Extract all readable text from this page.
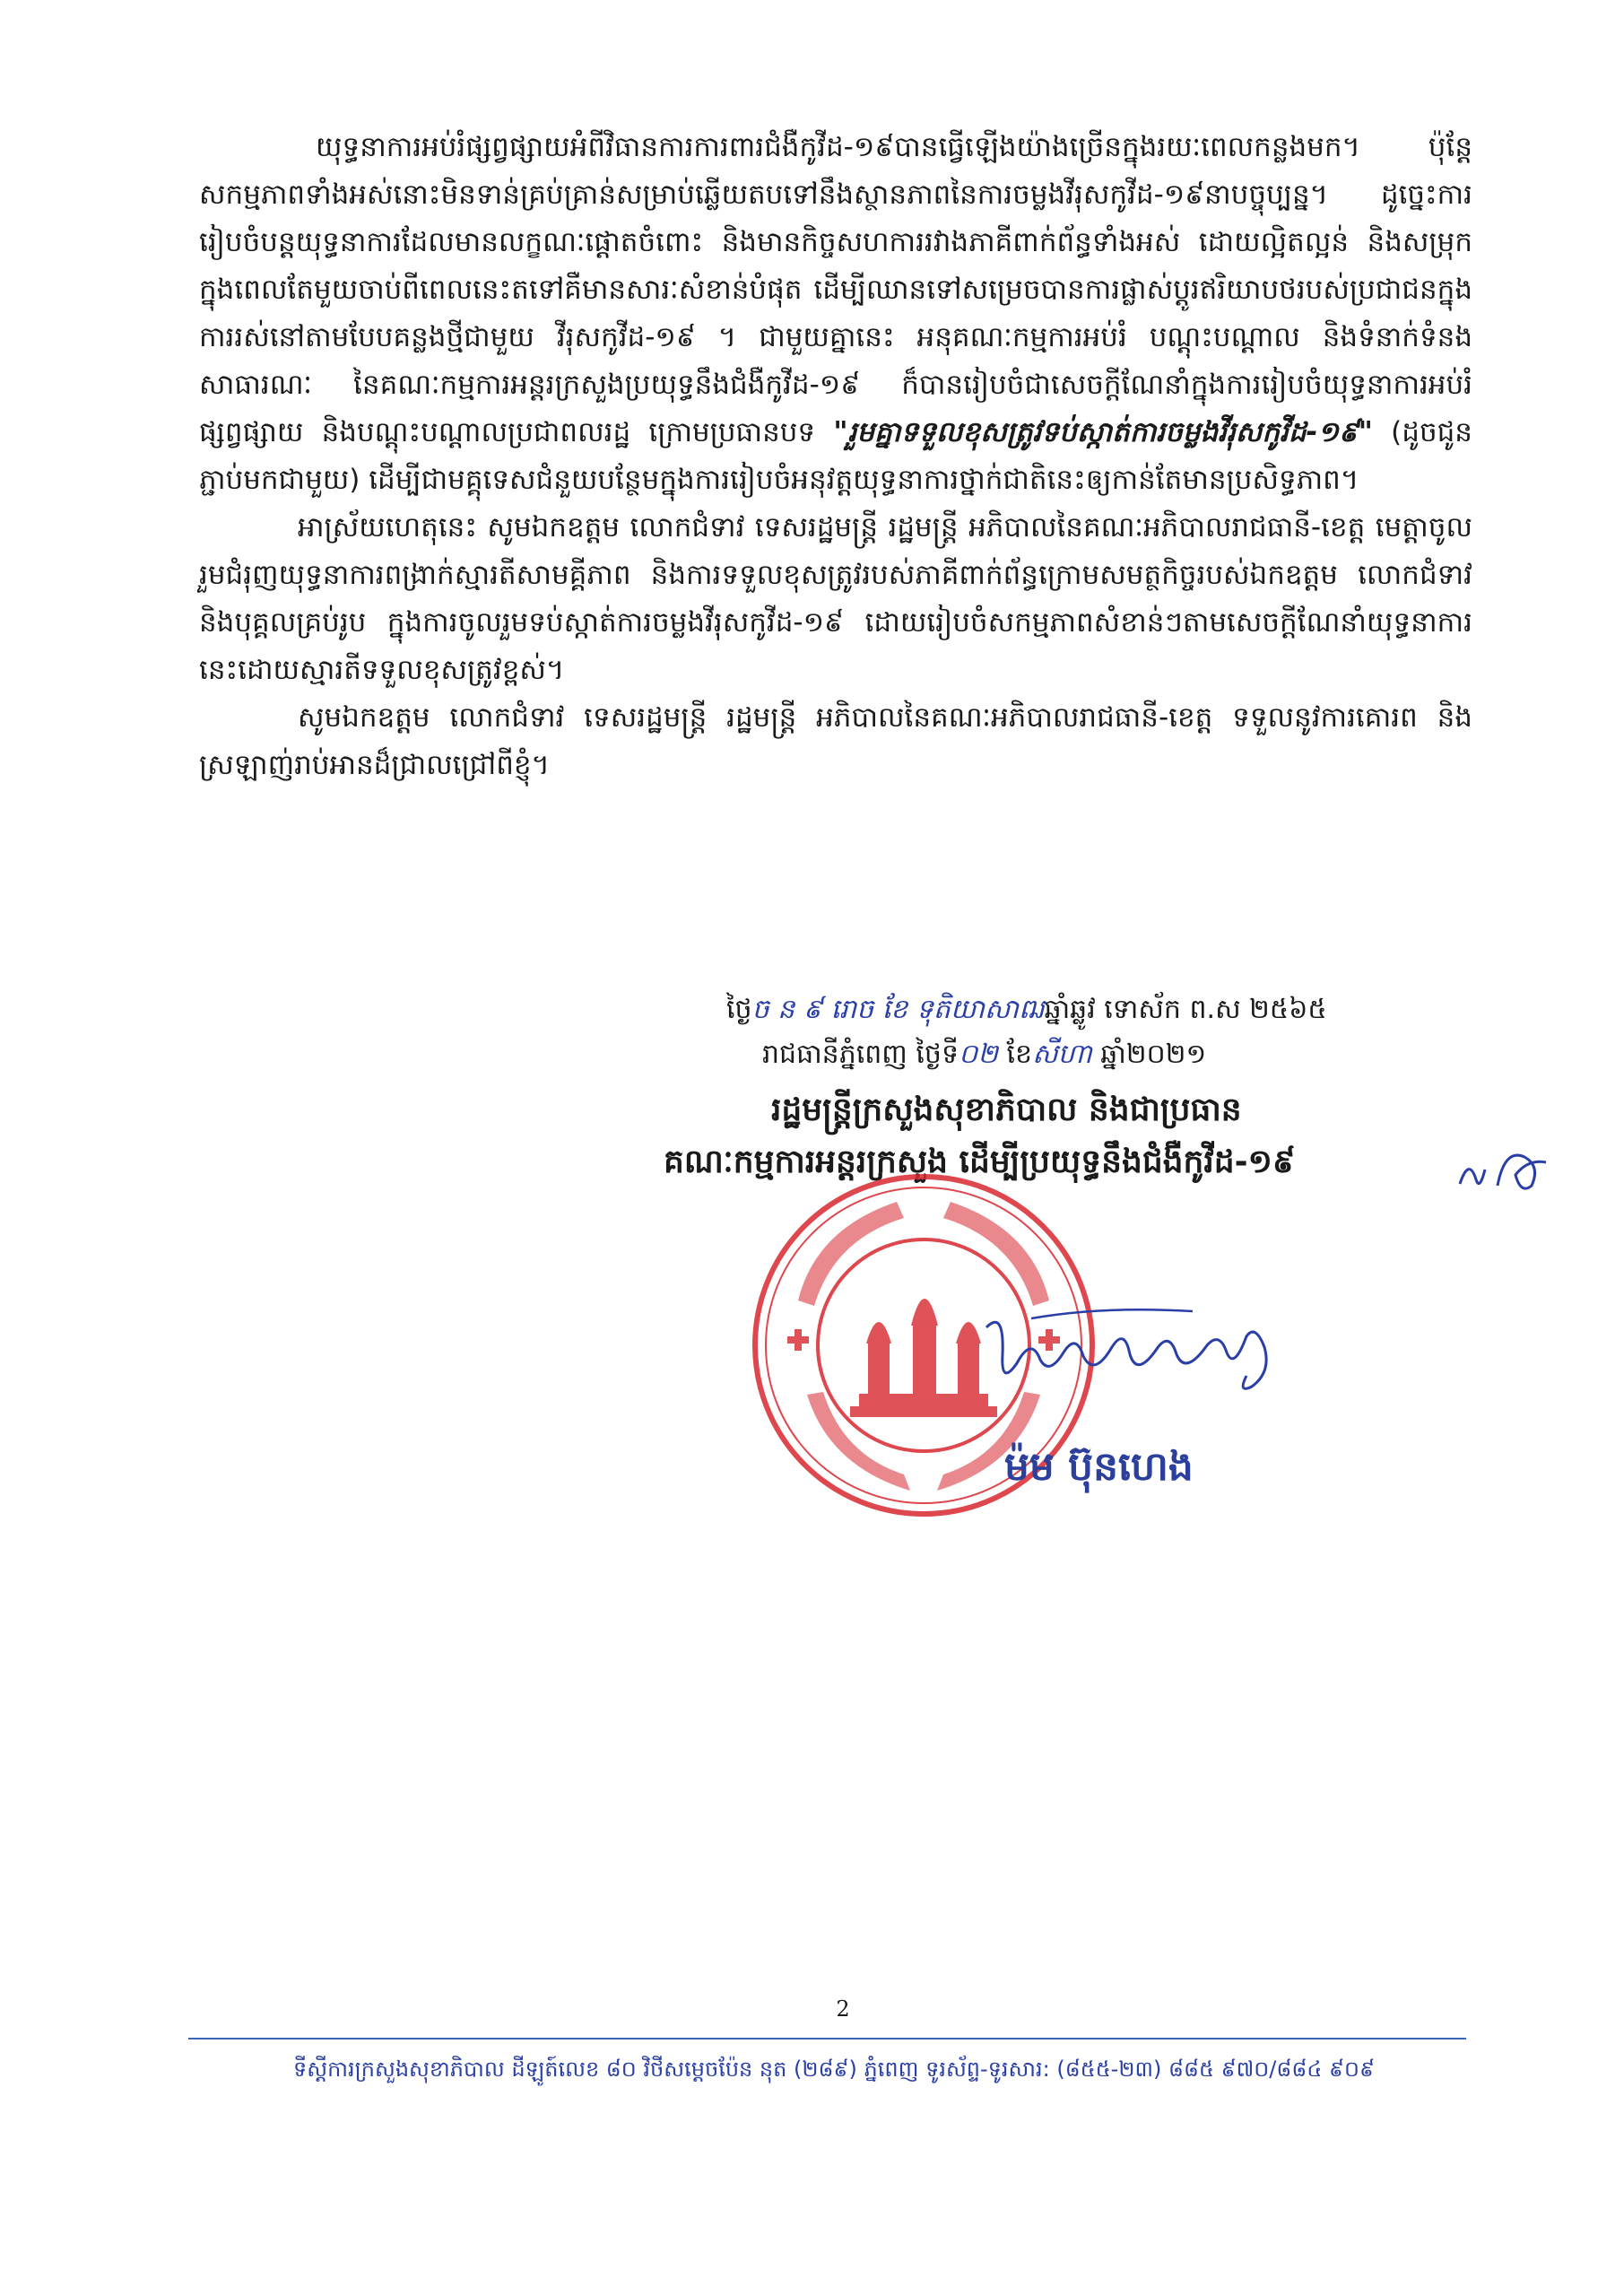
យុទ្ធនាការអប់រំផ្សព្វផ្សាយអំពីវិធានការការពារជំងឺកូវីដ-១៩បានធ្វើឡើងយ៉ាងច្រើនក្នុងរយៈពេលកន្លងមក។ ប៉ុន្តែសកម្មភាពទាំងអស់នោះមិនទាន់គ្រប់គ្រាន់សម្រាប់ឆ្លើយតបទៅនឹងស្ថានភាពនៃការចម្លងវីរុសកូវីដ-១៩នាបច្ចុប្បន្ន។ ដូច្នេះការរៀបចំបន្តយុទ្ធនាការដែលមានលក្ខណៈផ្តោតចំពោះ និងមានកិច្ចសហការរវាងភាគីពាក់ព័ន្ធទាំងអស់ ដោយល្អិតល្អន់ និងសម្រុកក្នុងពេលតែមួយចាប់ពីពេលនេះតទៅគឺមានសារៈសំខាន់បំផុត ដើម្បីឈានទៅសម្រេចបានការផ្លាស់ប្តូរឥរិយាបថរបស់ប្រជាជនក្នុងការរស់នៅតាមបែបគន្លងថ្មីជាមួយ វីរុសកូវីដ-១៩ ។ ជាមួយគ្នានេះ អនុគណៈកម្មការអប់រំ បណ្តុះបណ្តាល និងទំនាក់ទំនងសាធារណៈ នៃគណៈកម្មការអន្តរក្រសួងប្រយុទ្ធនឹងជំងឺកូវីដ-១៩ ក៏បានរៀបចំជាសេចក្តីណែនាំក្នុងការរៀបចំយុទ្ធនាការអប់រំ ផ្សព្វផ្សាយ និងបណ្តុះបណ្តាលប្រជាពលរដ្ឋ ក្រោមប្រធានបទ "រួមគ្នាទទួលខុសត្រូវទប់ស្កាត់ការចម្លងវីរុសកូវីដ-១៩" (ដូចជូនភ្ជាប់មកជាមួយ) ដើម្បីជាមគ្គុទេសជំនួយបន្ថែមក្នុងការរៀបចំអនុវត្តយុទ្ធនាការថ្នាក់ជាតិនេះឲ្យកាន់តែមានប្រសិទ្ធភាព។

អាស្រ័យហេតុនេះ សូមឯកឧត្តម លោកជំទាវ ទេសរដ្ឋមន្ត្រី រដ្ឋមន្ត្រី អភិបាលនៃគណៈអភិបាលរាជធានី-ខេត្ត មេត្តាចូលរួមជំរុញយុទ្ធនាការពង្រាក់ស្មារតីសាមគ្គីភាព និងការទទួលខុសត្រូវរបស់ភាគីពាក់ព័ន្ធក្រោមសមត្ថកិច្ចរបស់ឯកឧត្តម លោកជំទាវ និងបុគ្គលគ្រប់រូប ក្នុងការចូលរួមទប់ស្កាត់ការចម្លងវីរុសកូវីដ-១៩ ដោយរៀបចំសកម្មភាពសំខាន់ៗតាមសេចក្តីណែនាំយុទ្ធនាការនេះដោយស្មារតីទទួលខុសត្រូវខ្ពស់។

សូមឯកឧត្តម លោកជំទាវ ទេសរដ្ឋមន្ត្រី រដ្ឋមន្ត្រី អភិបាលនៃគណៈអភិបាលរាជធានី-ខេត្ត ទទួលនូវការគោរព និងស្រឡាញ់រាប់អានដ៏ជ្រាលជ្រៅពីខ្ញុំ។

ថ្ងៃច ន ៩ រោច ខែ ទុតិយាសាឍឆ្នាំឆ្លូវ ទោស័ក ព.ស ២៥៦៥
រាជធានីភ្នំពេញ ថ្ងៃទី០២ ខែសីហា ឆ្នាំ២០២១
រដ្ឋមន្ត្រីក្រសួងសុខាភិបាល និងជាប្រធាន
គណៈកម្មការអន្តរក្រសួង ដើម្បីប្រយុទ្ធនឹងជំងឺកូវីដ-១៩
ម៉ម ប៊ុនហេង
2
ទីស្តីការក្រសួងសុខាភិបាល ដីឡូត៍លេខ ៨០ វិថីសម្តេចប៉ែន នុត (២៨៩) ភ្នំពេញ ទូរស័ព្ទ-ទូរសារ: (៨៥៥-២៣) ៨៨៥ ៩៧០/៨៨៤ ៩០៩
